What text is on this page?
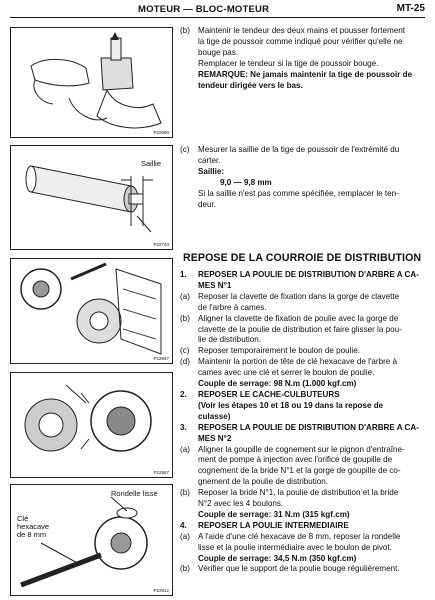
MOTEUR — BLOC-MOTEUR	MT-25
P22690
Saillie
P22743
P22947
P22867
Rondelle lisse
Clé
hexacave
de 8 mm
P22812
(b) Maintenir le tendeur des deux mains et pousser fortement
la tige de poussoir comme indiqué pour vérifier qu'elle ne
bouge pas.
Remplacer le tendeur si la tige de poussoir bouge.
REMARQUE: Ne jamais maintenir la tige de poussoir de
tendeur dirigée vers le bas.
(c) Mesurer la saillie de la tige de poussoir de l'extrémité du
carter.
Saillie:
9,0 — 9,8 mm
Si la saillie n'est pas comme spécifiée, remplacer le ten-
deur.
REPOSE DE LA COURROIE DE DISTRIBUTION
1.	REPOSER LA POULIE DE DISTRIBUTION D'ARBRE A CA-
MES N°1
(a) Reposer la clavette de fixation dans la gorge de clavette
de l'arbre à cames.
(b) Aligner la clavette de fixation de poulie avec la gorge de
clavette de la poulie de distribution et faire glisser la pou-
lie de distribution.
(c)	Reposer temporairement le boulon de poulie.
(d) Maintenir la portion de tête de clé hexacave de l'arbre à
cames avec une clé et serrer le boulon de poulie.
Couple de serrage: 98 N.m (1.000 kgf.cm)
2.	REPOSER LE CACHE-CULBUTEURS
(Voir les étapes 10 et 18 ou 19 dans la repose de
culasse)
3.	REPOSER LA POULIE DE DISTRIBUTION D'ARBRE A CA-
MES N°2
(a) Aligner la goupille de cognement sur le pignon d'entraîne-
ment de pompe à injection avec l'orifice de goupille de
cognement de la bride N°1 et la gorge de goupille de co-
gnement de la poulie de distribution.
(b) Reposer la bride N°1, la poulie de distribution et la bride
N°2 avec les 4 boulons.
Couple de serrage: 31 N.m (315 kgf.cm)
4.	REPOSER LA POULIE INTERMEDIAIRE
(a) A l'aide d'une clé hexacave de 8 mm, reposer la rondelle
lisse et la poulie intermédiaire avec le boulon de pivot.
Couple de serrage: 34,5 N.m (350 kgf.cm)
(b) Vérifier que le support de la poulie bouge régulièrement.
